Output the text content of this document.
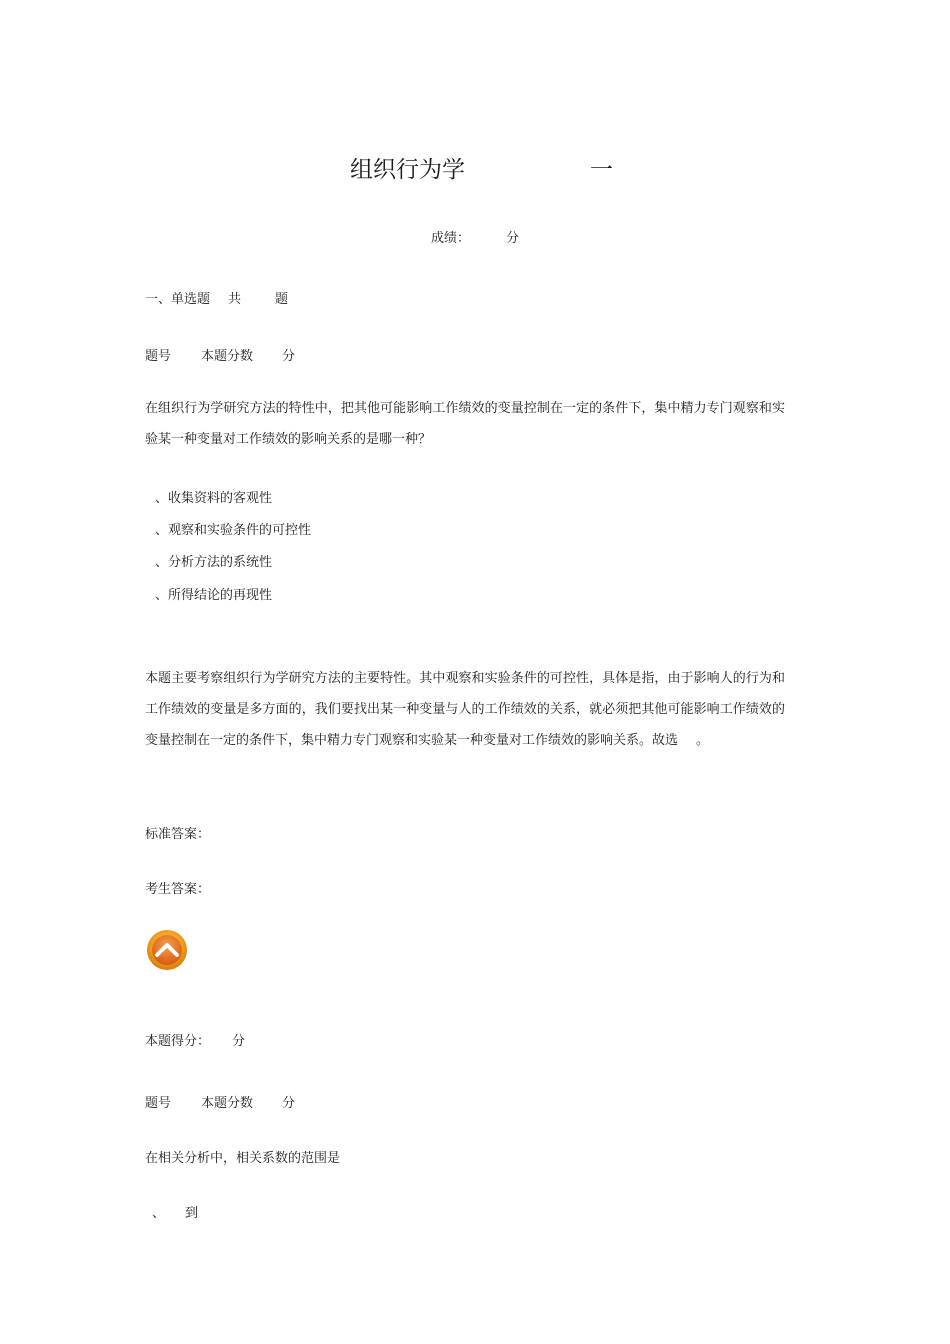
组织行为学	一
成绩：	分
一、单选题 共	题
题号 本题分数 分
在组织行为学研究方法的特性中，把其他可能影响工作绩效的变量控制在一定的条件下，集中精力专门观察和实验某一种变量对工作绩效的影响关系的是哪一种？
、收集资料的客观性
、观察和实验条件的可控性
、分析方法的系统性
、所得结论的再现性
本题主要考察组织行为学研究方法的主要特性。其中观察和实验条件的可控性，具体是指，由于影响人的行为和工作绩效的变量是多方面的，我们要找出某一种变量与人的工作绩效的关系，就必须把其他可能影响工作绩效的变量控制在一定的条件下，集中精力专门观察和实验某一种变量对工作绩效的影响关系。故选 。
标准答案：
考生答案：
本题得分： 分
题号 本题分数 分
在相关分析中，相关系数的范围是
、 到
